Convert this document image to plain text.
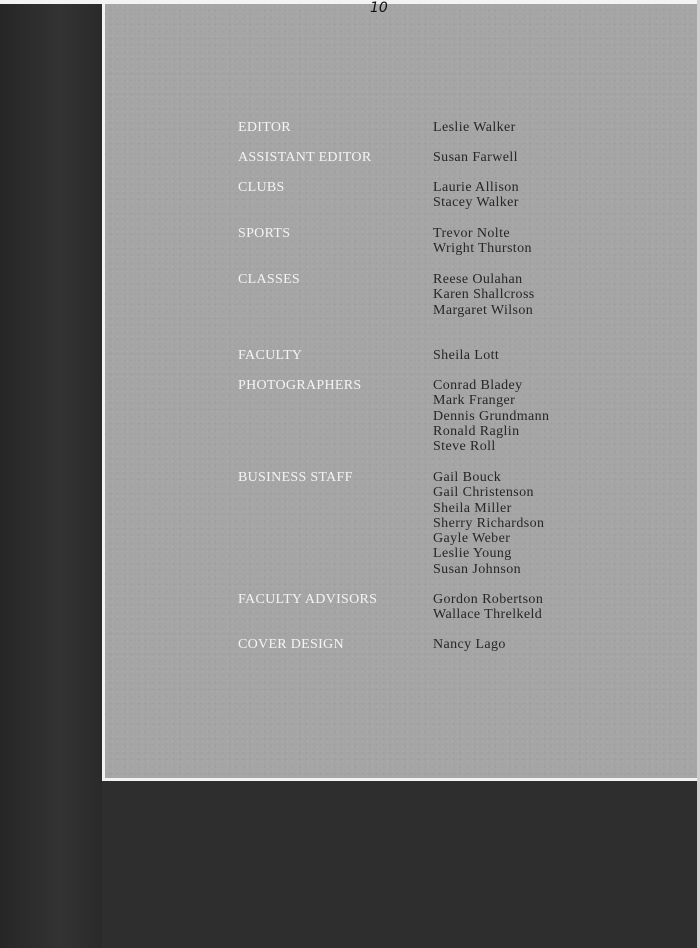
10
EDITOR	Leslie Walker
ASSISTANT EDITOR	Susan Farwell
CLUBS	Laurie Allison
Stacey Walker
SPORTS	Trevor Nolte
Wright Thurston
CLASSES	Reese Oulahan
Karen Shallcross
Margaret Wilson
FACULTY	Sheila Lott
PHOTOGRAPHERS	Conrad Bladey
Mark Franger
Dennis Grundmann
Ronald Raglin
Steve Roll
BUSINESS STAFF	Gail Bouck
Gail Christenson
Sheila Miller
Sherry Richardson
Gayle Weber
Leslie Young
Susan Johnson
FACULTY ADVISORS	Gordon Robertson
Wallace Threlkeld
COVER DESIGN	Nancy Lago
